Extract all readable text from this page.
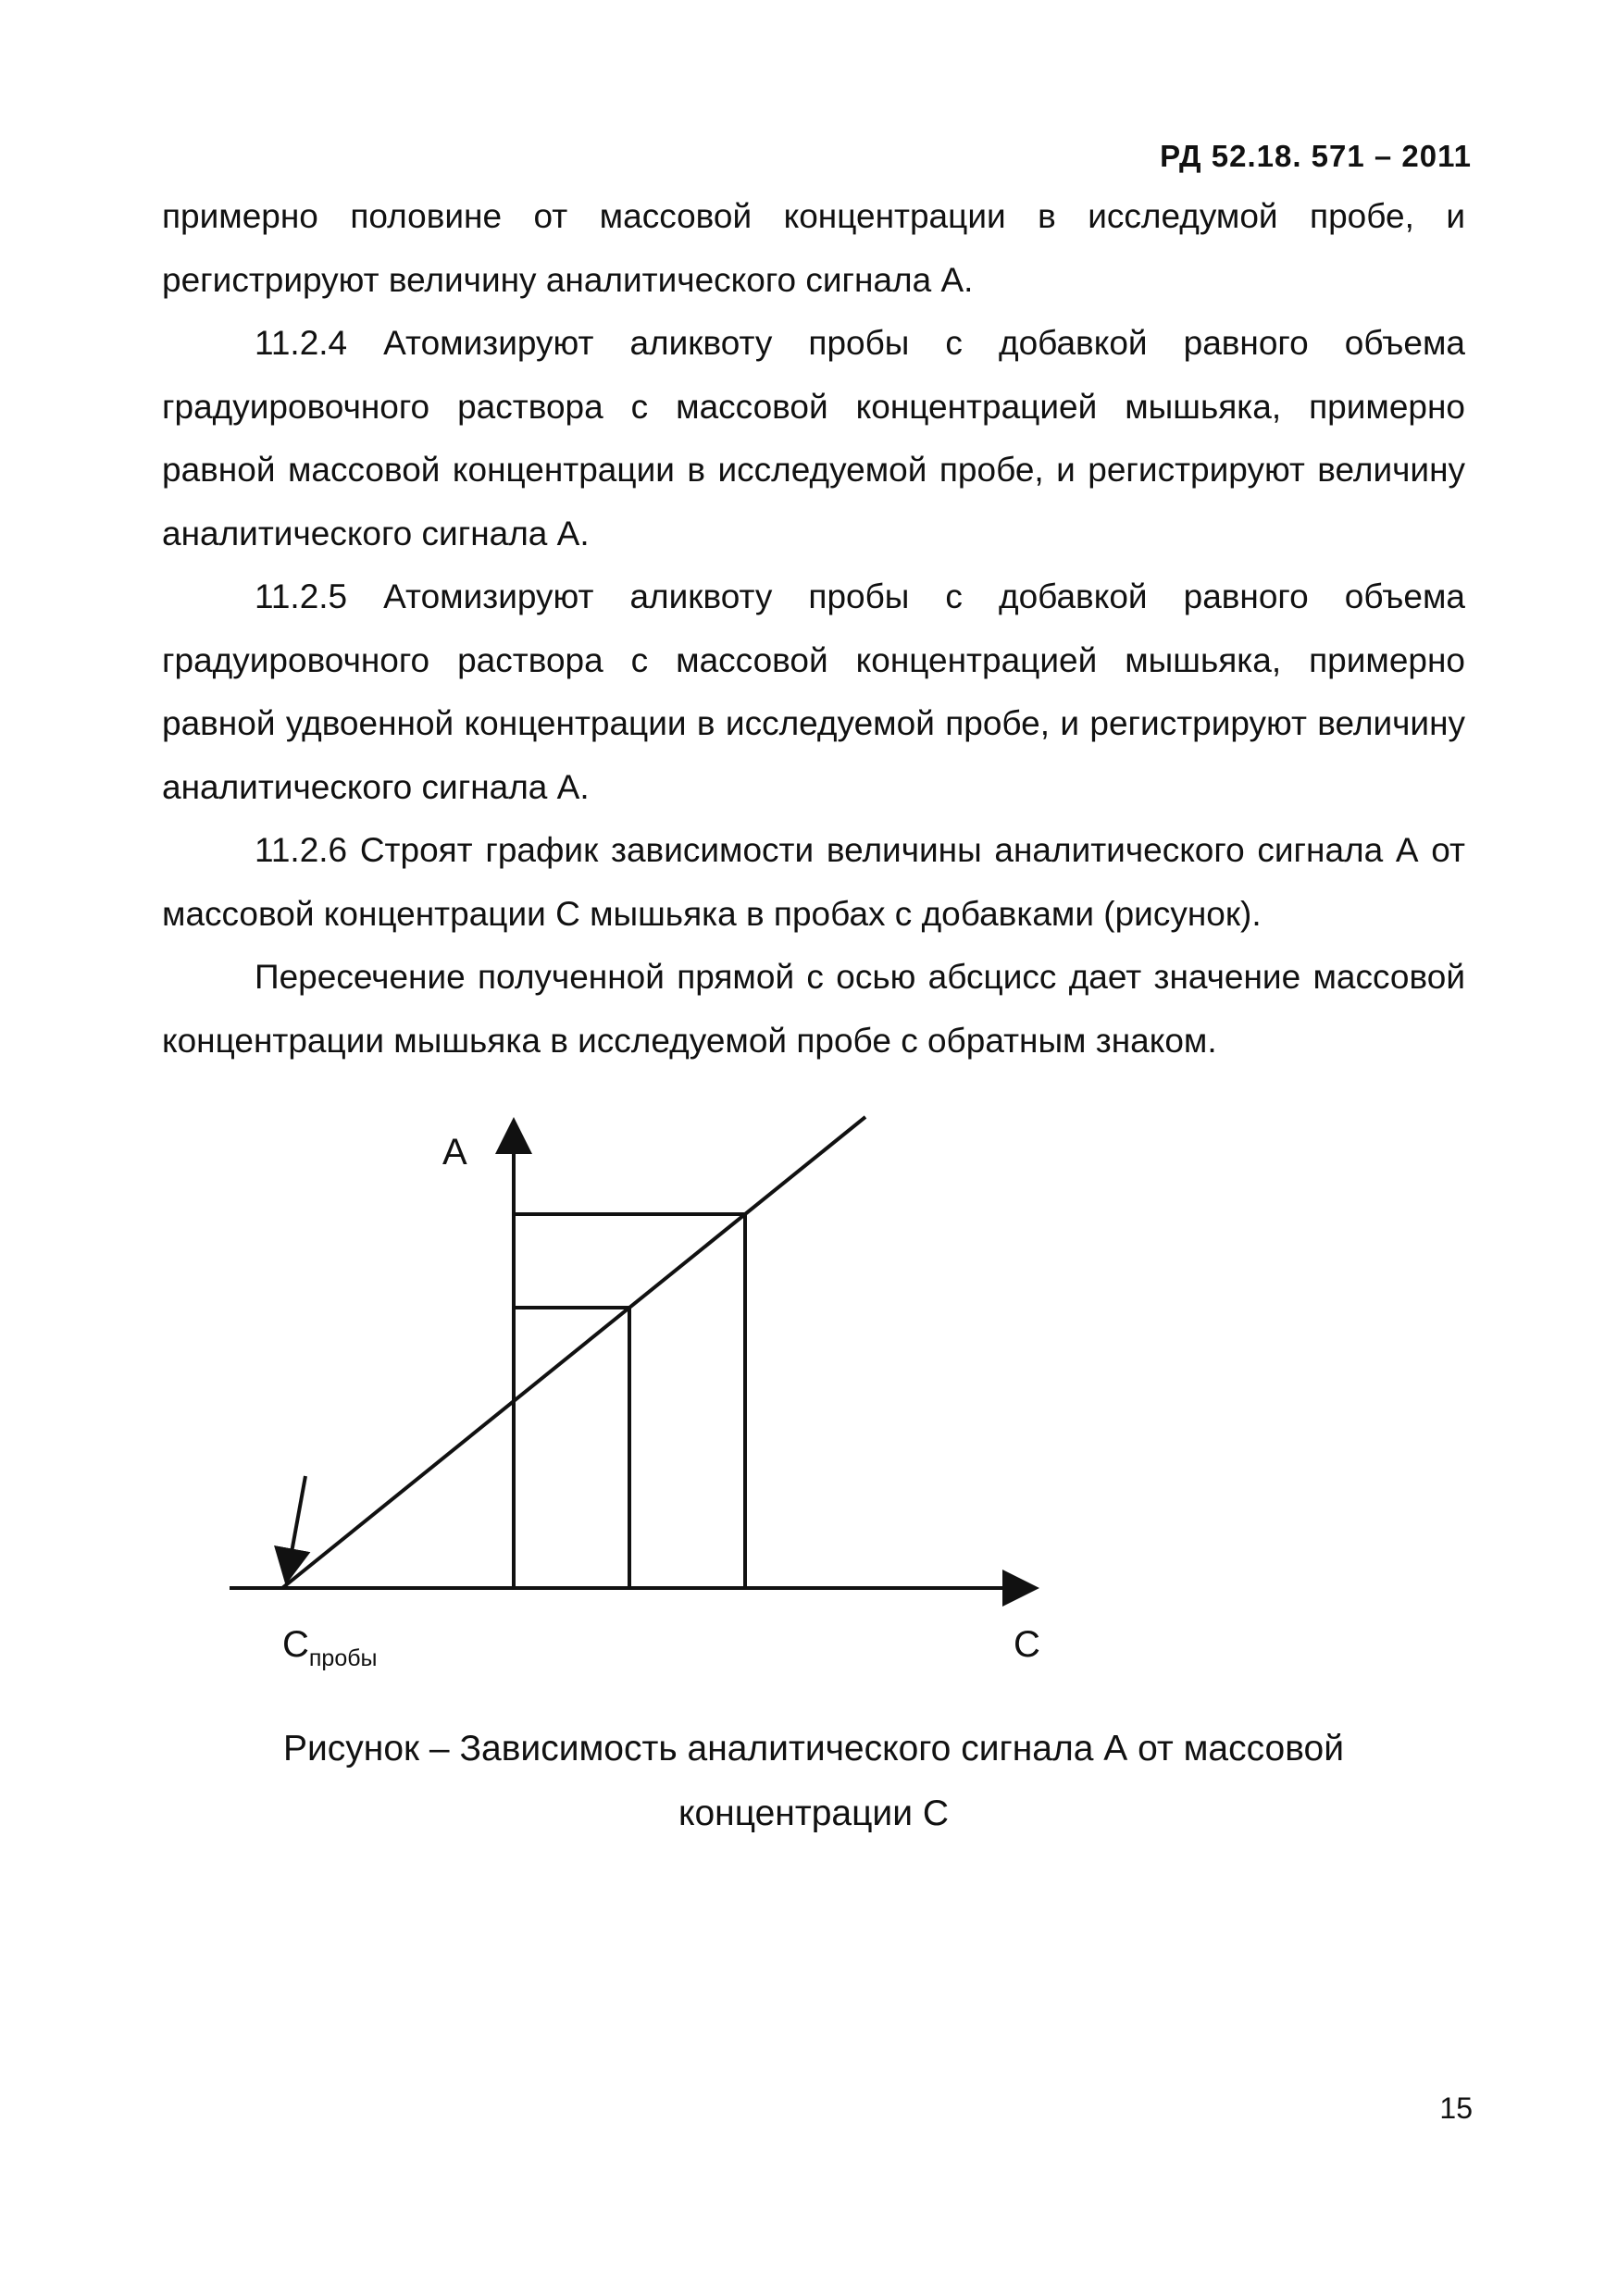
РД 52.18. 571 – 2011

примерно половине от массовой концентрации в исследумой пробе, и регистрируют величину аналитического сигнала А.

11.2.4 Атомизируют аликвоту пробы с добавкой равного объема градуировочного раствора с массовой концентрацией мышьяка, примерно равной массовой концентрации в исследуемой пробе, и регистрируют величину аналитического сигнала А.

11.2.5 Атомизируют аликвоту пробы с добавкой равного объема градуировочного раствора с массовой концентрацией мышьяка, примерно равной удвоенной концентрации в исследуемой пробе, и регистрируют величину аналитического сигнала А.

11.2.6 Строят график зависимости величины аналитического сигнала А от массовой концентрации С мышьяка в пробах с добавками (рисунок).

Пересечение полученной прямой с осью абсцисс дает значение массовой концентрации мышьяка в исследуемой пробе с обратным знаком.

А
С
Спробы
Рисунок – Зависимость аналитического сигнала А от массовой
концентрации С
15
